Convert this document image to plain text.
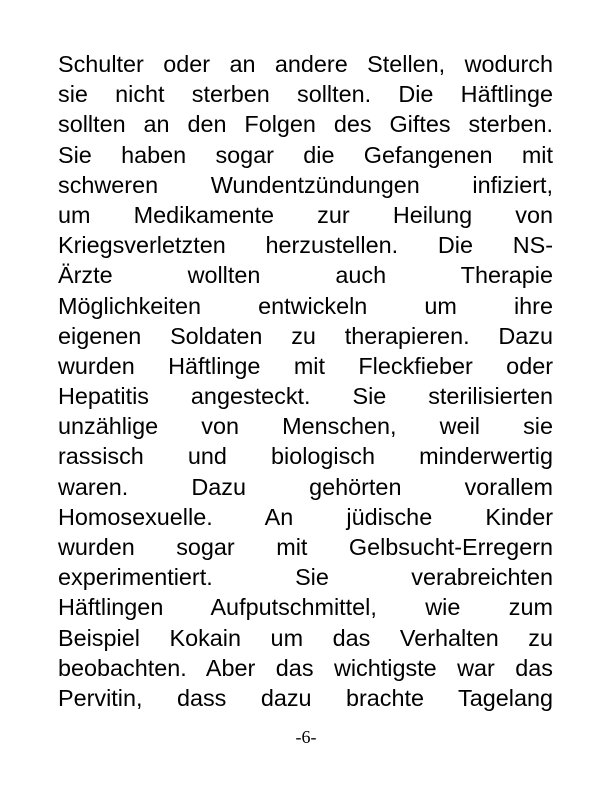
Schulter oder an andere Stellen, wodurch
sie nicht sterben sollten. Die Häftlinge
sollten an den Folgen des Giftes sterben.
Sie haben sogar die Gefangenen mit
schweren Wundentzündungen infiziert,
um Medikamente zur Heilung von
Kriegsverletzten herzustellen. Die NS-
Ärzte wollten auch Therapie
Möglichkeiten entwickeln um ihre
eigenen Soldaten zu therapieren. Dazu
wurden Häftlinge mit Fleckfieber oder
Hepatitis angesteckt. Sie sterilisierten
unzählige von Menschen, weil sie
rassisch und biologisch minderwertig
waren. Dazu gehörten vorallem
Homosexuelle. An jüdische Kinder
wurden sogar mit Gelbsucht-Erregern
experimentiert. Sie verabreichten
Häftlingen Aufputschmittel, wie zum
Beispiel Kokain um das Verhalten zu
beobachten. Aber das wichtigste war das
Pervitin, dass dazu brachte Tagelang
-6-
